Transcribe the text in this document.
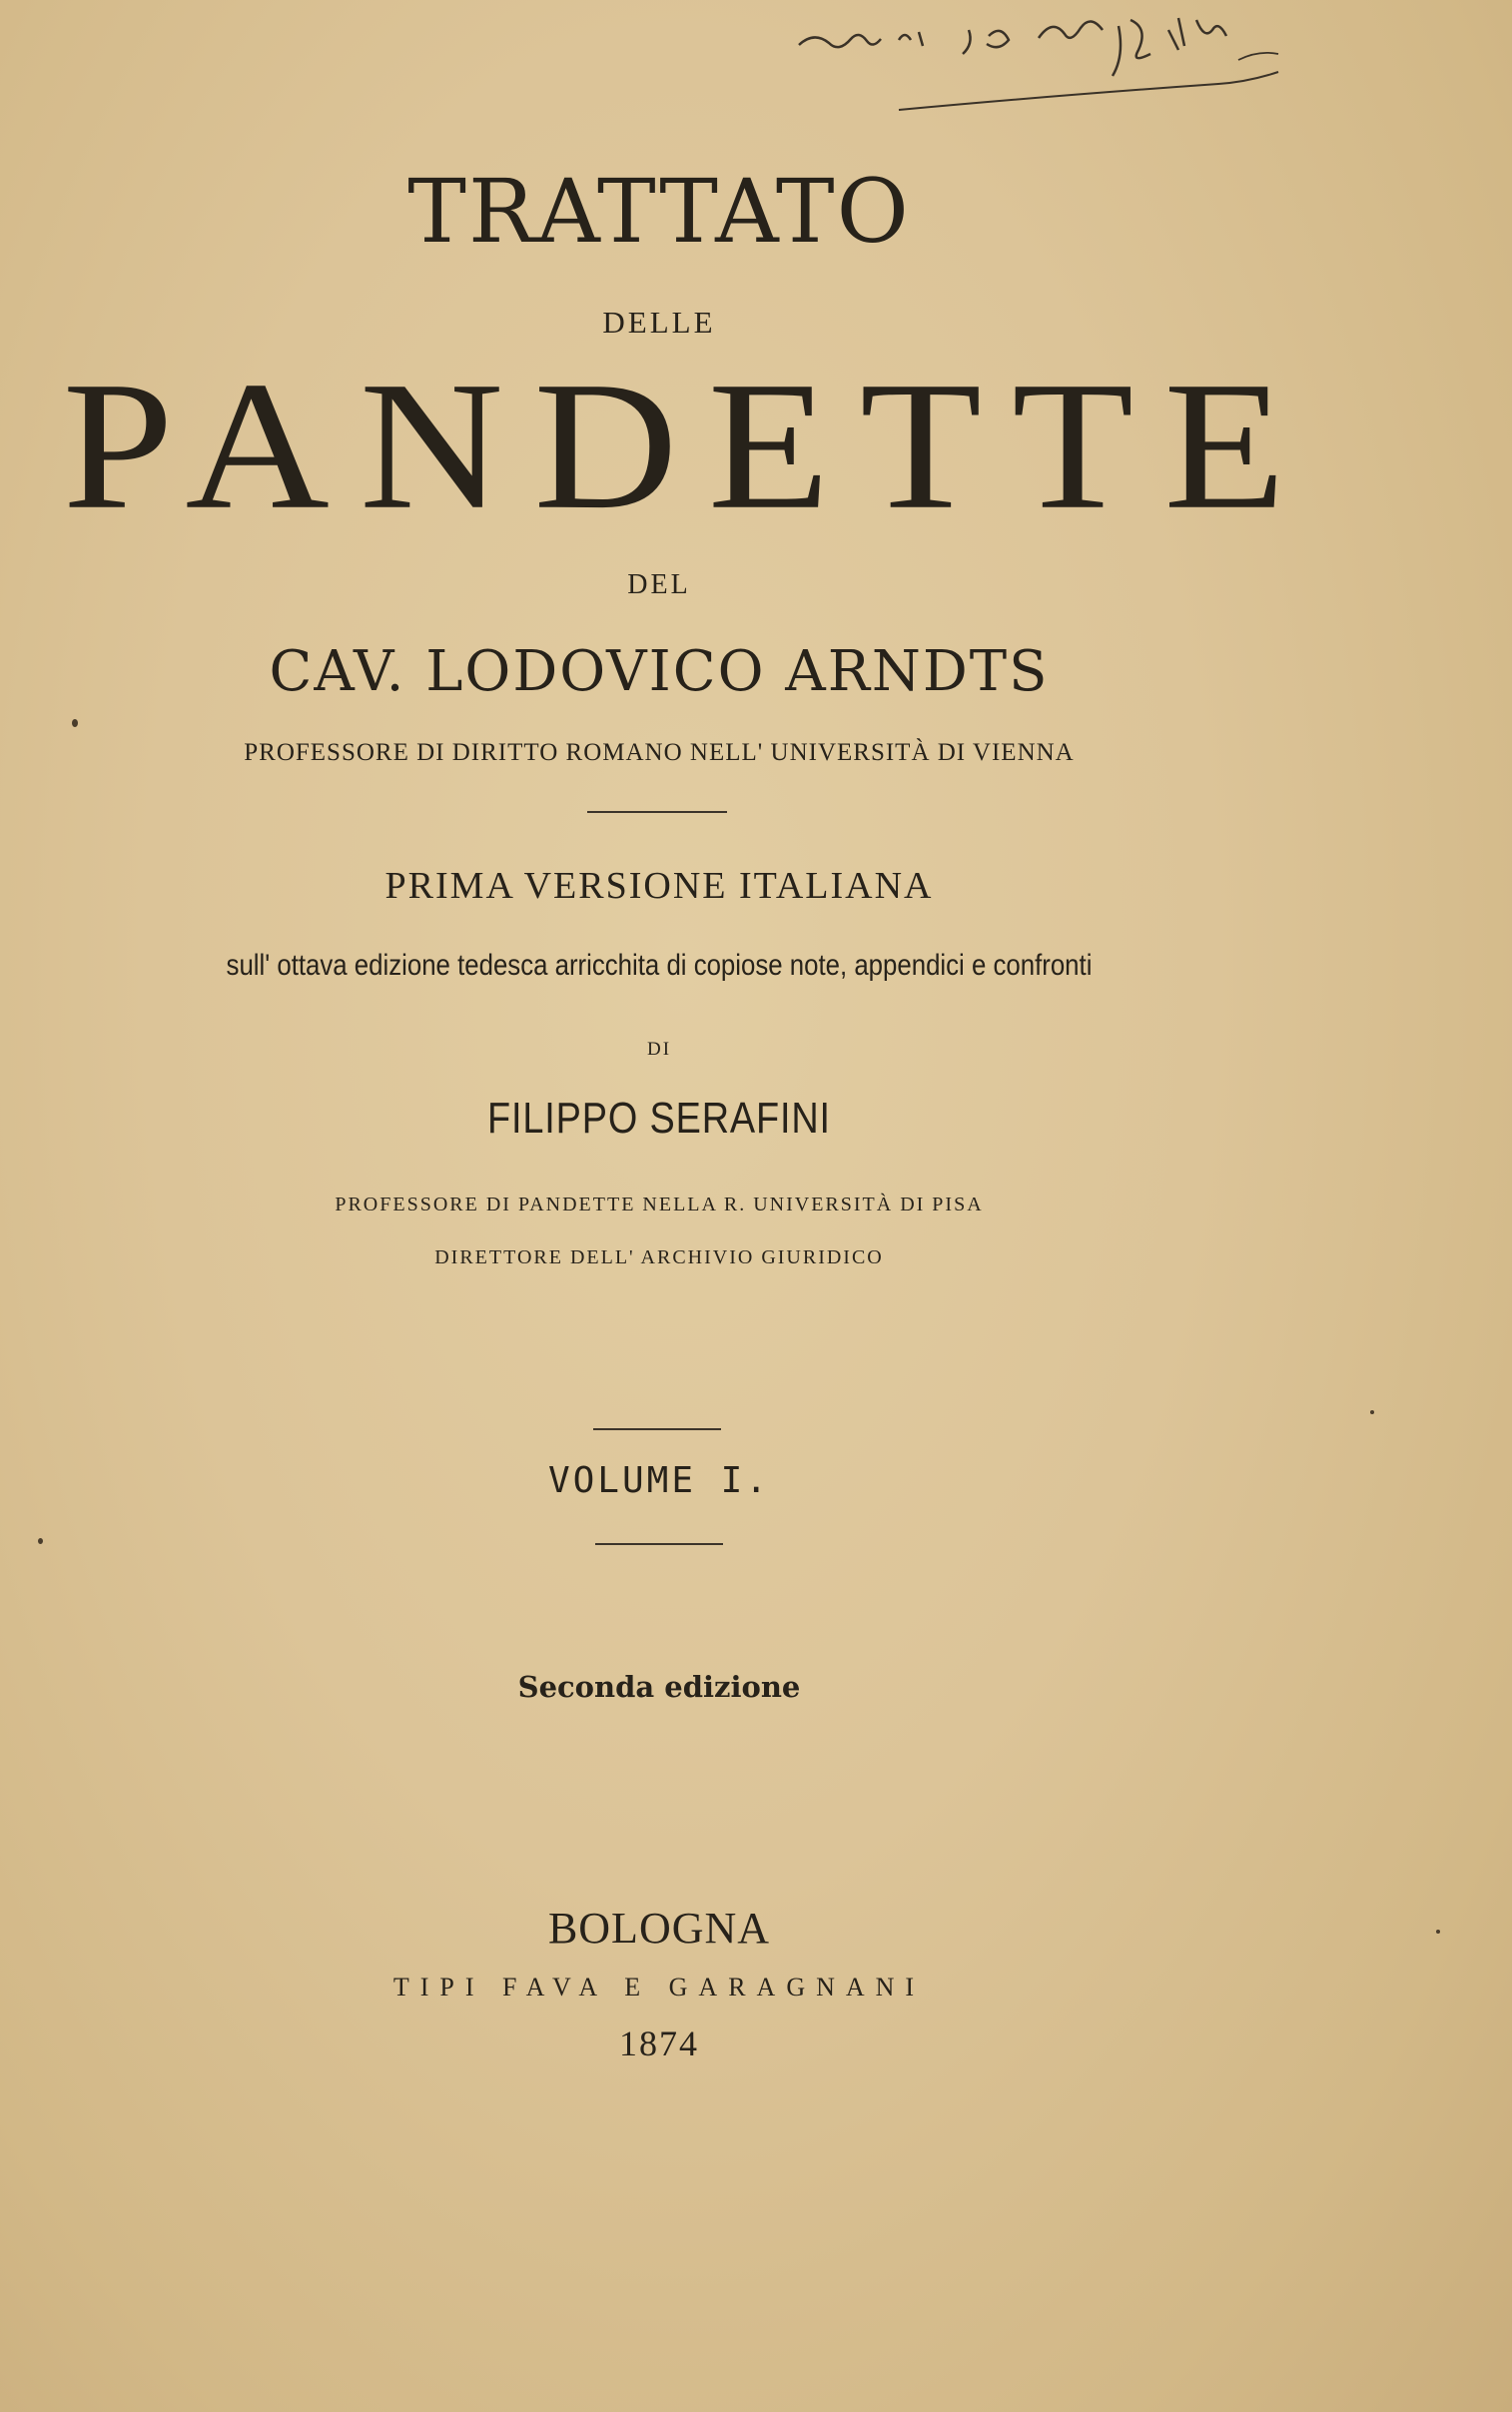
TRATTATO
DELLE
PANDETTE
DEL
CAV. LODOVICO ARNDTS
PROFESSORE DI DIRITTO ROMANO NELL' UNIVERSITÀ DI VIENNA
PRIMA VERSIONE ITALIANA
sull' ottava edizione tedesca arricchita di copiose note, appendici e confronti
DI
FILIPPO SERAFINI
PROFESSORE DI PANDETTE NELLA R. UNIVERSITÀ DI PISA
DIRETTORE DELL' ARCHIVIO GIURIDICO
VOLUME I.
Seconda edizione
BOLOGNA
TIPI FAVA E GARAGNANI
1874
